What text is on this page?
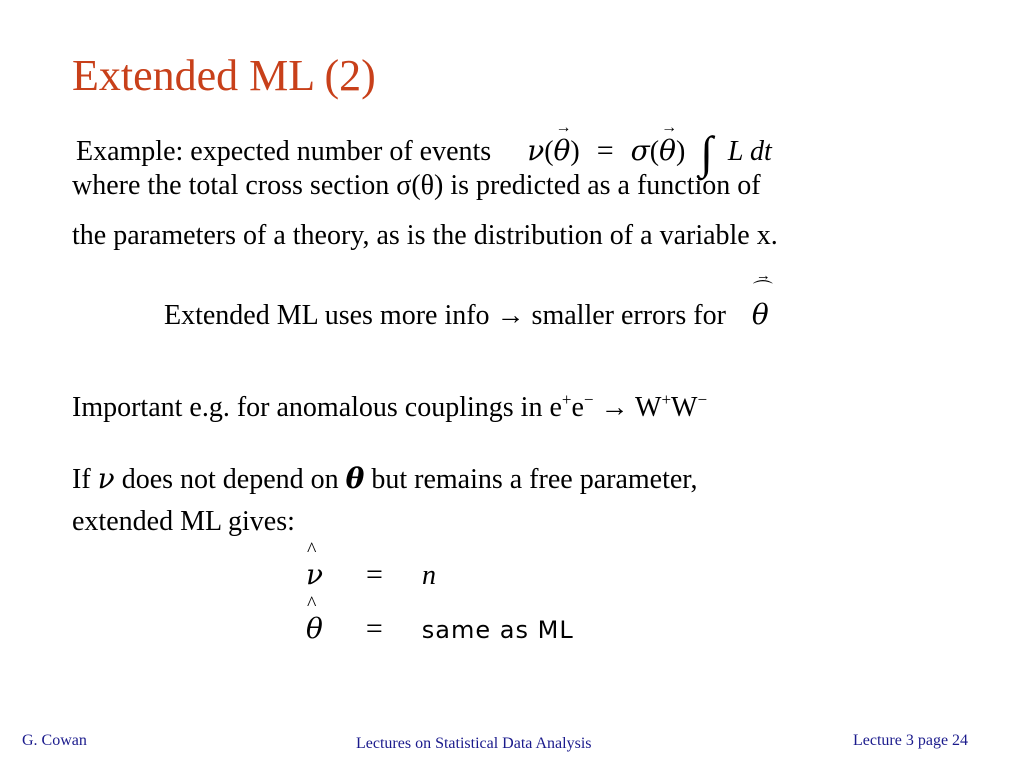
Extended ML (2)
Example: expected number of events ν(θ
→
) = σ(θ
→
) ∫ L dt
where the total cross section σ(θ) is predicted as a function of
the parameters of a theory, as is the distribution of a variable x.
Extended ML uses more info → smaller errors for θ
⌒
→
Important e.g. for anomalous couplings in e+e− → W+W−
If ν does not depend on θ but remains a free parameter,
extended ML gives:
ν
^
= n
θ
^
= same as ML
G. Cowan	Lectures on Statistical Data Analysis	Lecture 3 page 24
